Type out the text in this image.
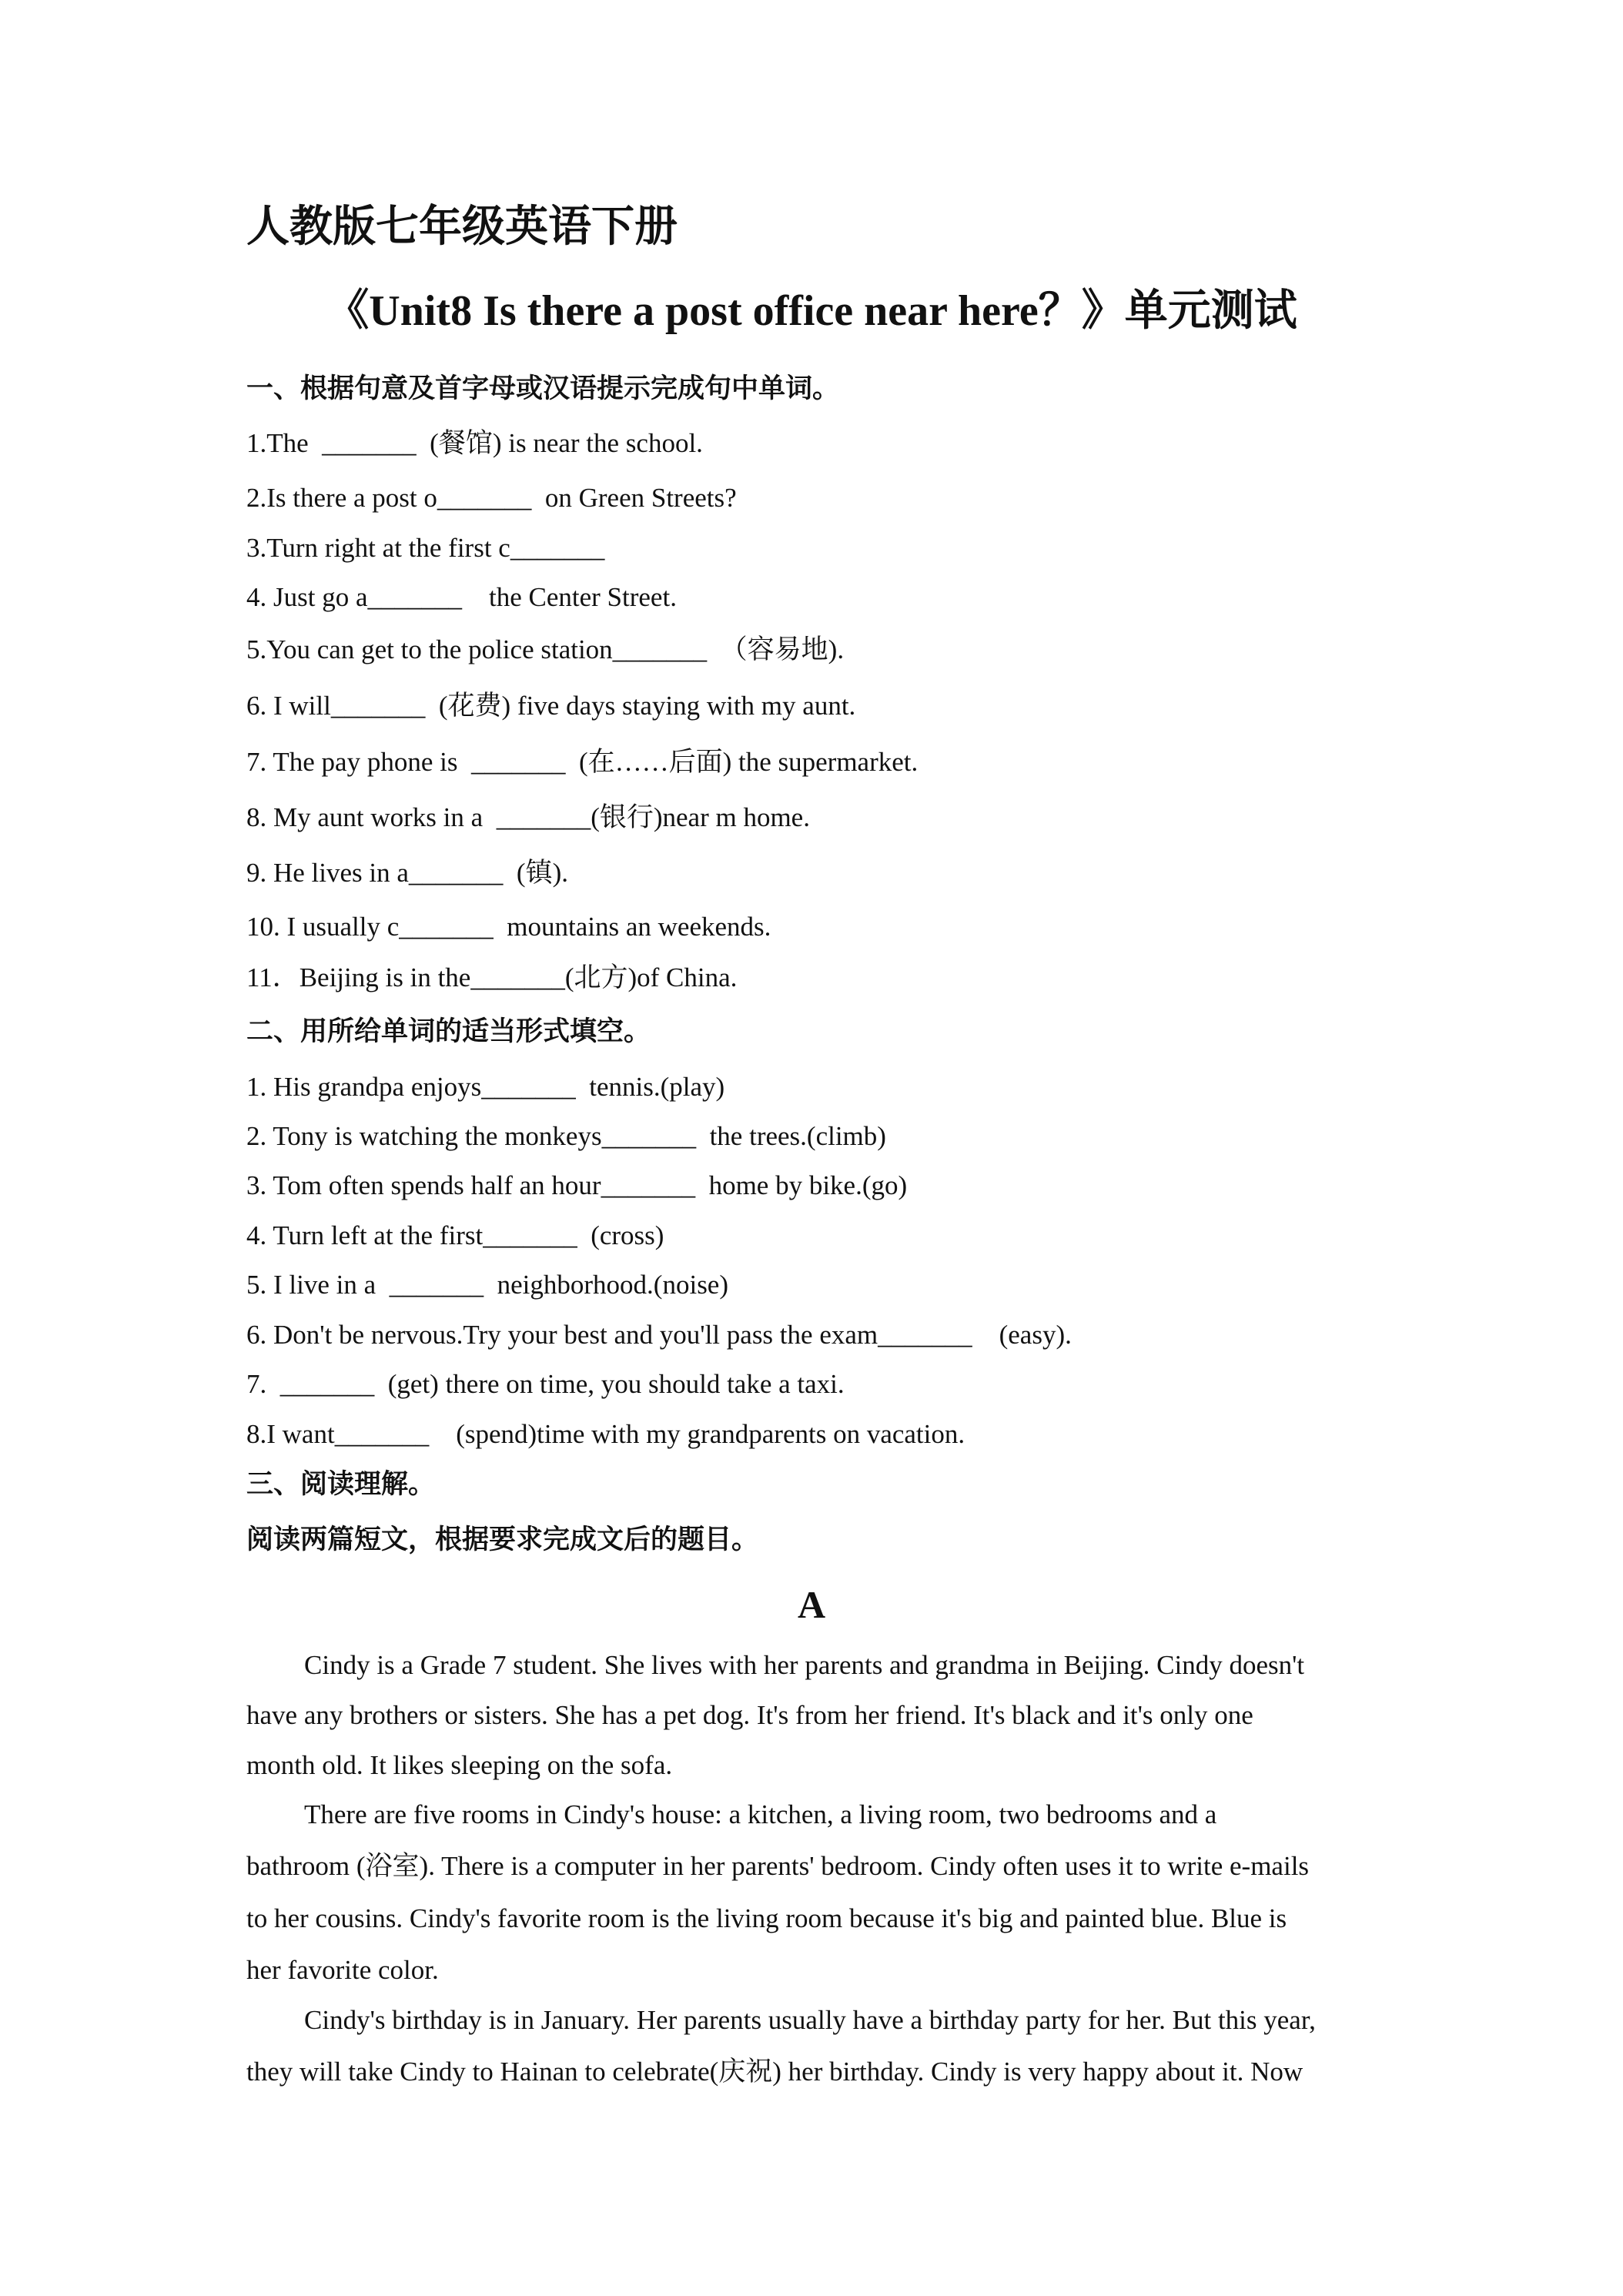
人教版七年级英语下册
《Unit8 Is there a post office near here？》单元测试
一、根据句意及首字母或汉语提示完成句中单词。
1.The  _______  (餐馆) is near the school.
2.Is there a post o_______  on Green Streets?
3.Turn right at the first c_______
4. Just go a_______    the Center Street.
5.You can get to the police station_______  （容易地).
6. I will_______  (花费) five days staying with my aunt.
7. The pay phone is  _______  (在……后面) the supermarket.
8. My aunt works in a  _______(银行)near m home.
9. He lives in a_______  (镇).
10. I usually c_______  mountains an weekends.
11．Beijing is in the_______(北方)of China.
二、用所给单词的适当形式填空。
1. His grandpa enjoys_______  tennis.(play)
2. Tony is watching the monkeys_______  the trees.(climb)
3. Tom often spends half an hour_______  home by bike.(go)
4. Turn left at the first_______  (cross)
5. I live in a  _______  neighborhood.(noise)
6. Don't be nervous.Try your best and you'll pass the exam_______    (easy).
7.  _______  (get) there on time, you should take a taxi.
8.I want_______    (spend)time with my grandparents on vacation.
三、阅读理解。
阅读两篇短文，根据要求完成文后的题目。
A
Cindy is a Grade 7 student. She lives with her parents and grandma in Beijing. Cindy doesn't
have any brothers or sisters. She has a pet dog. It's from her friend. It's black and it's only one
month old. It likes sleeping on the sofa.
There are five rooms in Cindy's house: a kitchen, a living room, two bedrooms and a
bathroom (浴室). There is a computer in her parents' bedroom. Cindy often uses it to write e-mails
to her cousins. Cindy's favorite room is the living room because it's big and painted blue. Blue is
her favorite color.
Cindy's birthday is in January. Her parents usually have a birthday party for her. But this year,
they will take Cindy to Hainan to celebrate(庆祝) her birthday. Cindy is very happy about it. Now
